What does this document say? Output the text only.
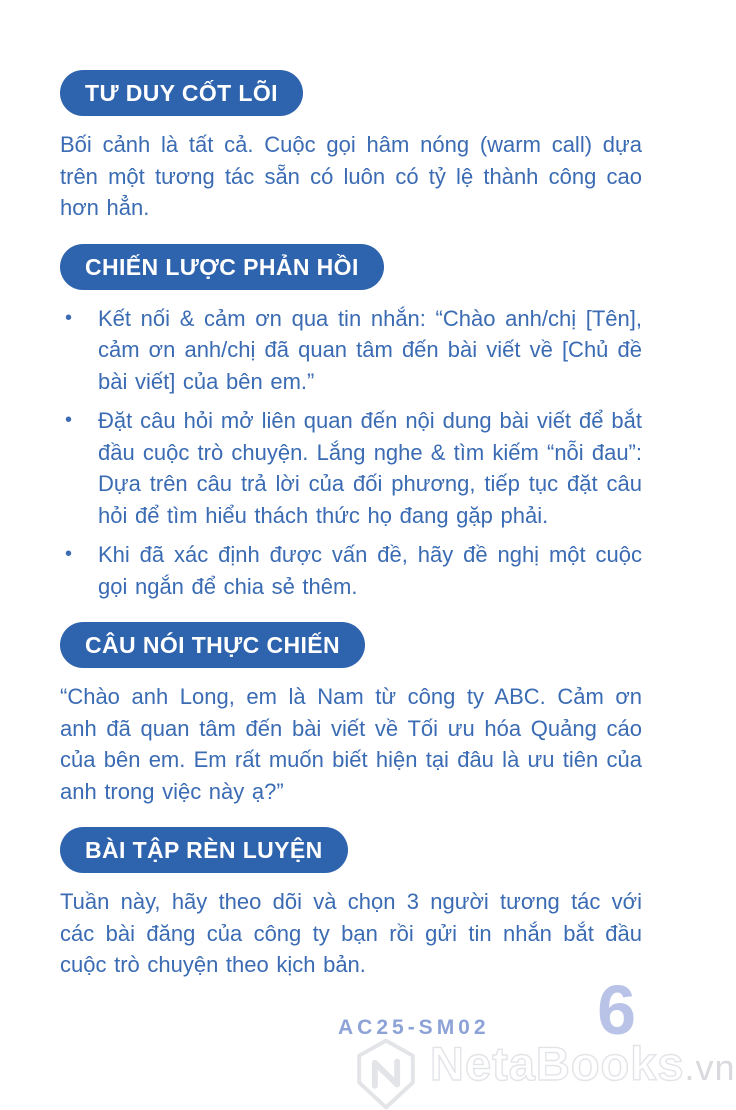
TƯ DUY CỐT LÕI

Bối cảnh là tất cả. Cuộc gọi hâm nóng (warm call) dựa trên một tương tác sẵn có luôn có tỷ lệ thành công cao hơn hẳn.

CHIẾN LƯỢC PHẢN HỒI
• Kết nối & cảm ơn qua tin nhắn: “Chào anh/chị [Tên], cảm ơn anh/chị đã quan tâm đến bài viết về [Chủ đề bài viết] của bên em.”
• Đặt câu hỏi mở liên quan đến nội dung bài viết để bắt đầu cuộc trò chuyện. Lắng nghe & tìm kiếm “nỗi đau”: Dựa trên câu trả lời của đối phương, tiếp tục đặt câu hỏi để tìm hiểu thách thức họ đang gặp phải.
• Khi đã xác định được vấn đề, hãy đề nghị một cuộc gọi ngắn để chia sẻ thêm.
CÂU NÓI THỰC CHIẾN

“Chào anh Long, em là Nam từ công ty ABC. Cảm ơn anh đã quan tâm đến bài viết về Tối ưu hóa Quảng cáo của bên em. Em rất muốn biết hiện tại đâu là ưu tiên của anh trong việc này ạ?”

BÀI TẬP RÈN LUYỆN

Tuần này, hãy theo dõi và chọn 3 người tương tác với các bài đăng của công ty bạn rồi gửi tin nhắn bắt đầu cuộc trò chuyện theo kịch bản.

AC25-SM02 6
NetaBooks.vn
